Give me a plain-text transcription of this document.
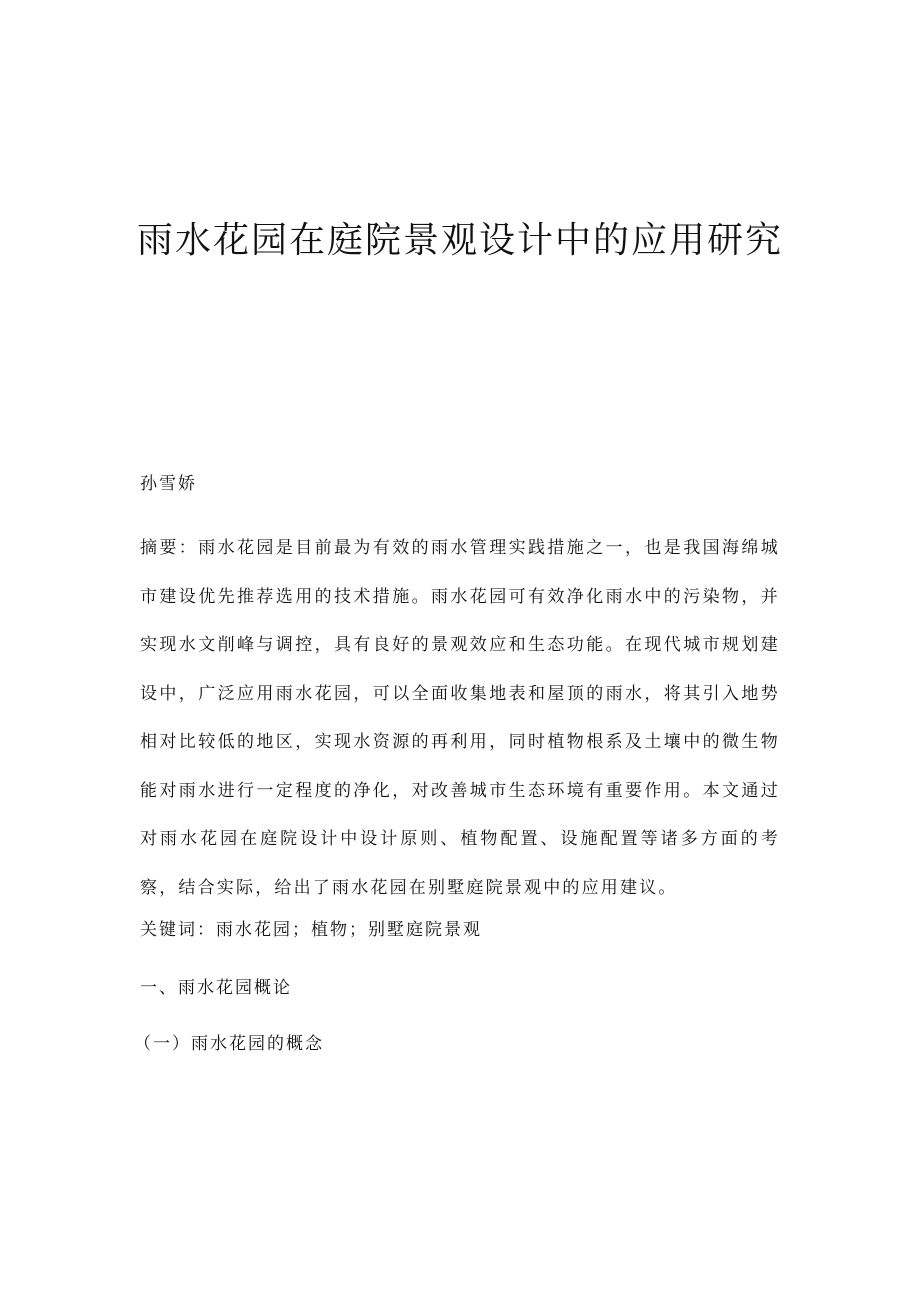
雨水花园在庭院景观设计中的应用研究

孙雪娇

摘要：雨水花园是目前最为有效的雨水管理实践措施之一，也是我国海绵城市建设优先推荐选用的技术措施。雨水花园可有效净化雨水中的污染物，并实现水文削峰与调控，具有良好的景观效应和生态功能。在现代城市规划建设中，广泛应用雨水花园，可以全面收集地表和屋顶的雨水，将其引入地势相对比较低的地区，实现水资源的再利用，同时植物根系及土壤中的微生物能对雨水进行一定程度的净化，对改善城市生态环境有重要作用。本文通过对雨水花园在庭院设计中设计原则、植物配置、设施配置等诸多方面的考察，结合实际，给出了雨水花园在别墅庭院景观中的应用建议。

关键词：雨水花园；植物；别墅庭院景观

一、雨水花园概论
（一）雨水花园的概念
